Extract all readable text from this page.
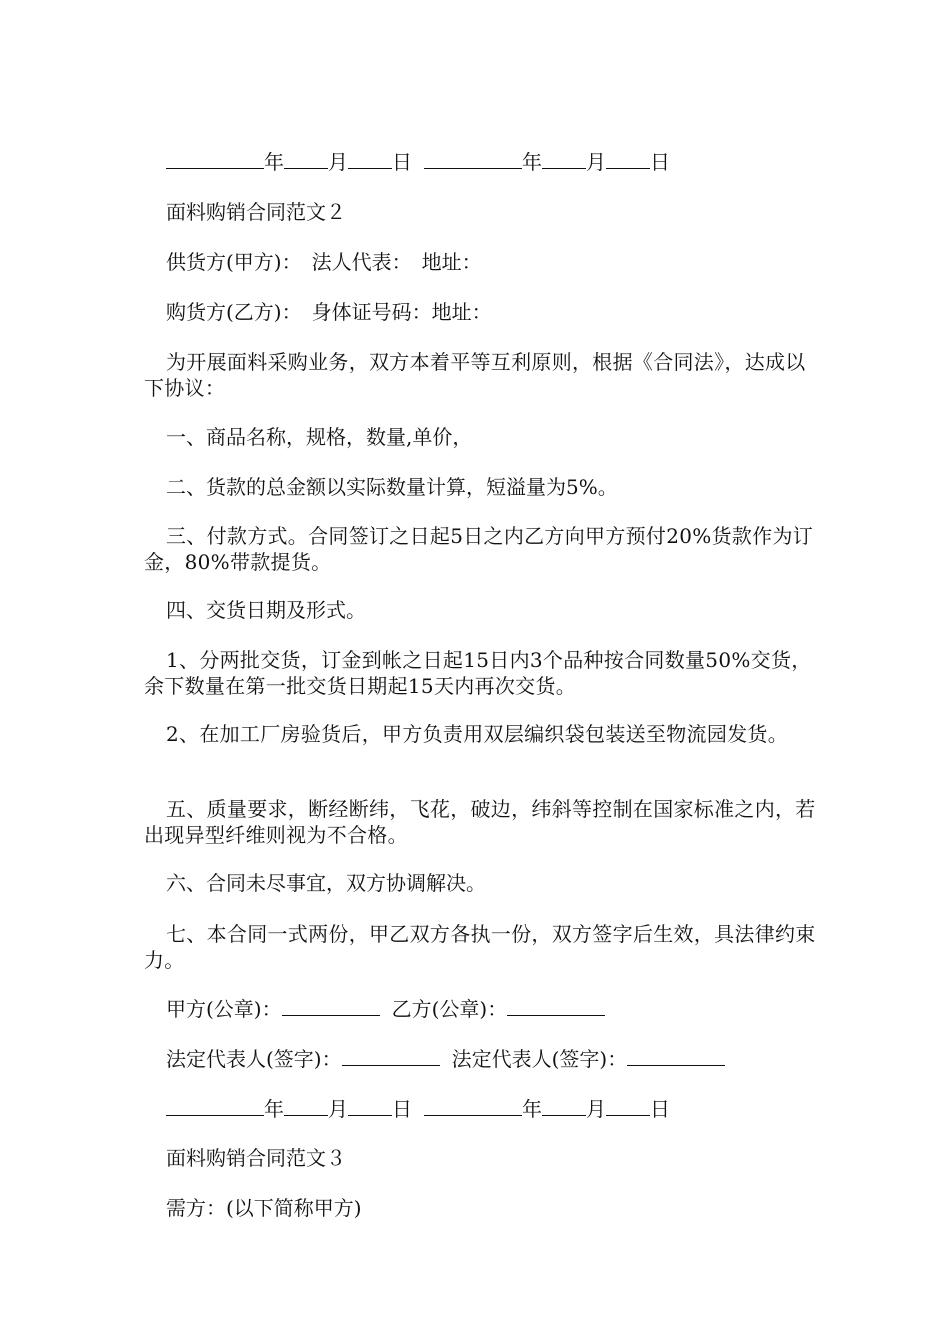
年 月 日	年 月 日
面料购销合同范文２
供货方(甲方)：　法人代表：　地址：
购货方(乙方)：　身体证号码：地址：
为开展面料采购业务，双方本着平等互利原则，根据《合同法》，达成以下协议：
一、商品名称，规格，数量,单价，
二、货款的总金额以实际数量计算，短溢量为5%。
三、付款方式。合同签订之日起5日之内乙方向甲方预付20%货款作为订金，80%带款提货。
四、交货日期及形式。
1、分两批交货，订金到帐之日起15日内3个品种按合同数量50%交货，余下数量在第一批交货日期起15天内再次交货。
2、在加工厂房验货后，甲方负责用双层编织袋包装送至物流园发货。
五、质量要求，断经断纬，飞花，破边，纬斜等控制在国家标准之内，若出现异型纤维则视为不合格。
六、合同未尽事宜，双方协调解决。
七、本合同一式两份，甲乙双方各执一份，双方签字后生效，具法律约束力。
甲方(公章)：	乙方(公章)：
法定代表人(签字)：	法定代表人(签字)：
年 月 日	年 月 日
面料购销合同范文３
需方：(以下简称甲方)
